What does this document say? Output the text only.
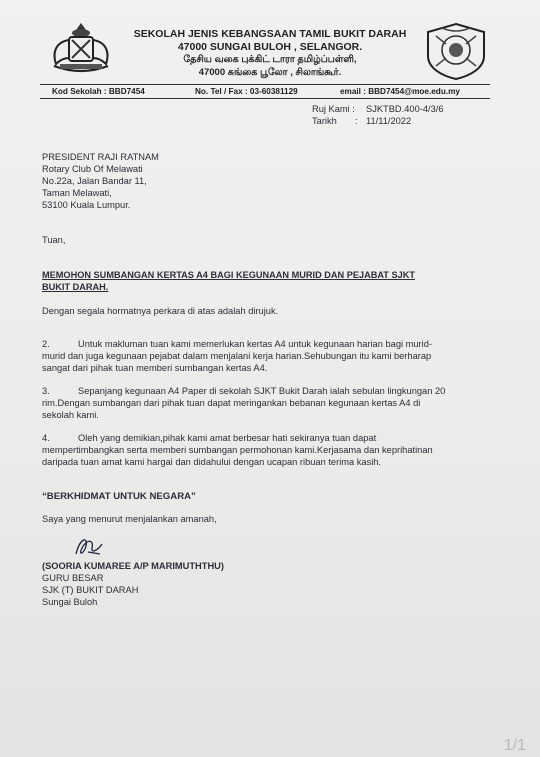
SEKOLAH JENIS KEBANGSAAN TAMIL BUKIT DARAH
47000 SUNGAI BULOH , SELANGOR.
தேசிய வகை புக்கிட் டாரா தமிழ்ப்பள்ளி,
47000 சுங்கை பூலோ , சிலாங்கூர்.
Kod Sekolah : BBD7454	No. Tel / Fax : 03-60381129	email : BBD7454@moe.edu.my
Ruj Kami : SJKTBD.400-4/3/6
Tarikh : 11/11/2022
PRESIDENT RAJI RATNAM
Rotary Club Of Melawati
No.22a, Jalan Bandar 11,
Taman Melawati,
53100 Kuala Lumpur.
Tuan,
MEMOHON SUMBANGAN KERTAS A4 BAGI KEGUNAAN MURID DAN PEJABAT SJKT
BUKIT DARAH.
Dengan segala hormatnya perkara di atas adalah dirujuk.
2.	Untuk makluman tuan kami memerlukan kertas A4 untuk kegunaan harian bagi murid-
murid dan juga kegunaan pejabat dalam menjalani kerja harian.Sehubungan itu kami berharap
sangat dari pihak tuan memberi sumbangan kertas A4.
3.	Sepanjang kegunaan A4 Paper di sekolah SJKT Bukit Darah ialah sebulan lingkungan 20
rim.Dengan sumbangan dari pihak tuan dapat meringankan bebanan kegunaan kertas A4 di
sekolah kami.
4.	Oleh yang demikian,pihak kami amat berbesar hati sekiranya tuan dapat
mempertimbangkan serta memberi sumbangan permohonan kami.Kerjasama dan keprihatinan
daripada tuan amat kami hargai dan didahului dengan ucapan ribuan terima kasih.
“BERKHIDMAT UNTUK NEGARA”
Saya yang menurut menjalankan amanah,
(SOORIA KUMAREE A/P MARIMUTHTHU)
GURU BESAR
SJK (T) BUKIT DARAH
Sungai Buloh
1/1
